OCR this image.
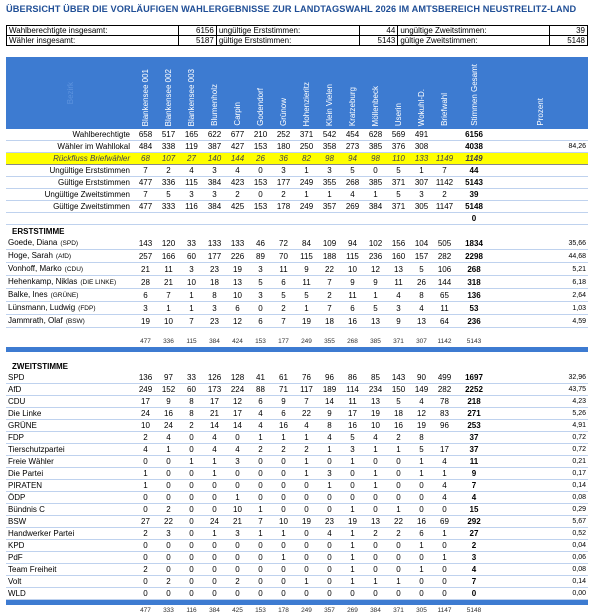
ÜBERSICHT ÜBER DIE VORLÄUFIGEN WAHLERGEBNISSE ZUR LANDTAGSWAHL 2026 IM AMTSBEREICH NEUSTRELITZ-LAND
Wahlberechtigte insgesamt:	6156	ungültige Erststimmen:	44	ungültige Zweitstimmen:	39
Wähler insgesamt:	5187	gültige Erststimmen:	5143	gültige Zweitstimmen:	5148
Bezirk	Blankensee 001	Blankensee 002	Blankensee 003	Blumenholz	Carpin	Godendorf	Grünow	Hohenzieritz	Klein Vielen	Kratzeburg	Möllenbeck	Userin	Wokuhl-D.	Briefwahl	Stimmen Gesamt	Prozent
Wahlberechtigte	658	517	165	622	677	210	252	371	542	454	628	569	491		6156	
Wähler im Wahllokal	484	338	119	387	427	153	180	250	358	273	385	376	308		4038	84,26
Rückfluss Briefwähler	68	107	27	140	144	26	36	82	98	94	98	110	133	1149	1149	
Ungültige Erststimmen	7	2	4	3	4	0	3	1	3	5	0	5	1	7	44	
Gültige Erststimmen	477	336	115	384	423	153	177	249	355	268	385	371	307	1142	5143	
Ungültige Zweitstimmen	7	5	3	3	2	0	2	1	1	4	1	5	3	2	39	
Gültige Zweitstimmen	477	333	116	384	425	153	178	249	357	269	384	371	305	1147	5148	
															0	
ERSTSTIMME																
Goede, Diana (SPD)	143	120	33	133	133	46	72	84	109	94	102	156	104	505	1834	35,66
Hoge, Sarah (AfD)	257	166	60	177	226	89	70	115	188	115	236	160	157	282	2298	44,68
Vonhoff, Marko (CDU)	21	11	3	23	19	3	11	9	22	10	12	13	5	106	268	5,21
Hehenkamp, Niklas (DIE LINKE)	28	21	10	18	13	5	6	11	7	9	9	11	26	144	318	6,18
Balke, Ines (GRÜNE)	6	7	1	8	10	3	5	5	2	11	1	4	8	65	136	2,64
Lünsmann, Ludwig (FDP)	3	1	1	3	6	0	2	1	7	6	5	3	4	11	53	1,03
Jammrath, Olaf (BSW)	19	10	7	23	12	6	7	19	18	16	13	9	13	64	236	4,59

	477	336	115	384	424	153	177	249	355	268	385	371	307	1142	5143	

ZWEITSTIMME																
SPD	136	97	33	126	128	41	61	76	96	86	85	143	90	499	1697	32,96
AfD	249	152	60	173	224	88	71	117	189	114	234	150	149	282	2252	43,75
CDU	17	9	8	17	12	6	9	7	14	11	13	5	4	78	218	4,23
Die Linke	24	16	8	21	17	4	6	22	9	17	19	18	12	83	271	5,26
GRÜNE	10	24	2	14	14	4	16	4	8	16	10	16	19	96	253	4,91
FDP	2	4	0	4	0	1	1	1	4	5	4	2	8		37	0,72
Tierschutzpartei	4	1	0	4	4	2	2	2	1	3	1	1	5	17	37	0,72
Freie Wähler	0	0	1	1	3	0	0	1	0	1	0	0	1	4	11	0,21
Die Partei	1	0	0	1	0	0	0	1	3	0	1	0	1	1	9	0,17
PIRATEN	1	0	0	0	0	0	0	0	1	0	1	0	0	4	7	0,14
ÖDP	0	0	0	0	1	0	0	0	0	0	0	0	0	4	4	0,08
Bündnis C	0	2	0	0	10	1	0	0	0	1	0	1	0	0	15	0,29
BSW	27	22	0	24	21	7	10	19	23	19	13	22	16	69	292	5,67
Handwerker Partei	2	3	0	1	3	1	1	0	4	1	2	2	6	1	27	0,52
KPD	0	0	0	0	0	0	0	0	0	1	0	0	1	0	2	0,04
PdF	0	0	0	0	0	0	1	0	0	1	0	0	0	1	3	0,06
Team Freiheit	2	0	0	0	0	0	0	0	0	1	0	0	1	0	4	0,08
Volt	0	2	0	0	2	0	0	1	0	1	1	1	0	0	7	0,14
WLD	0	0	0	0	0	0	0	0	0	0	0	0	0	0	0	0,00

	477	333	116	384	425	153	178	249	357	269	384	371	305	1147	5148	
